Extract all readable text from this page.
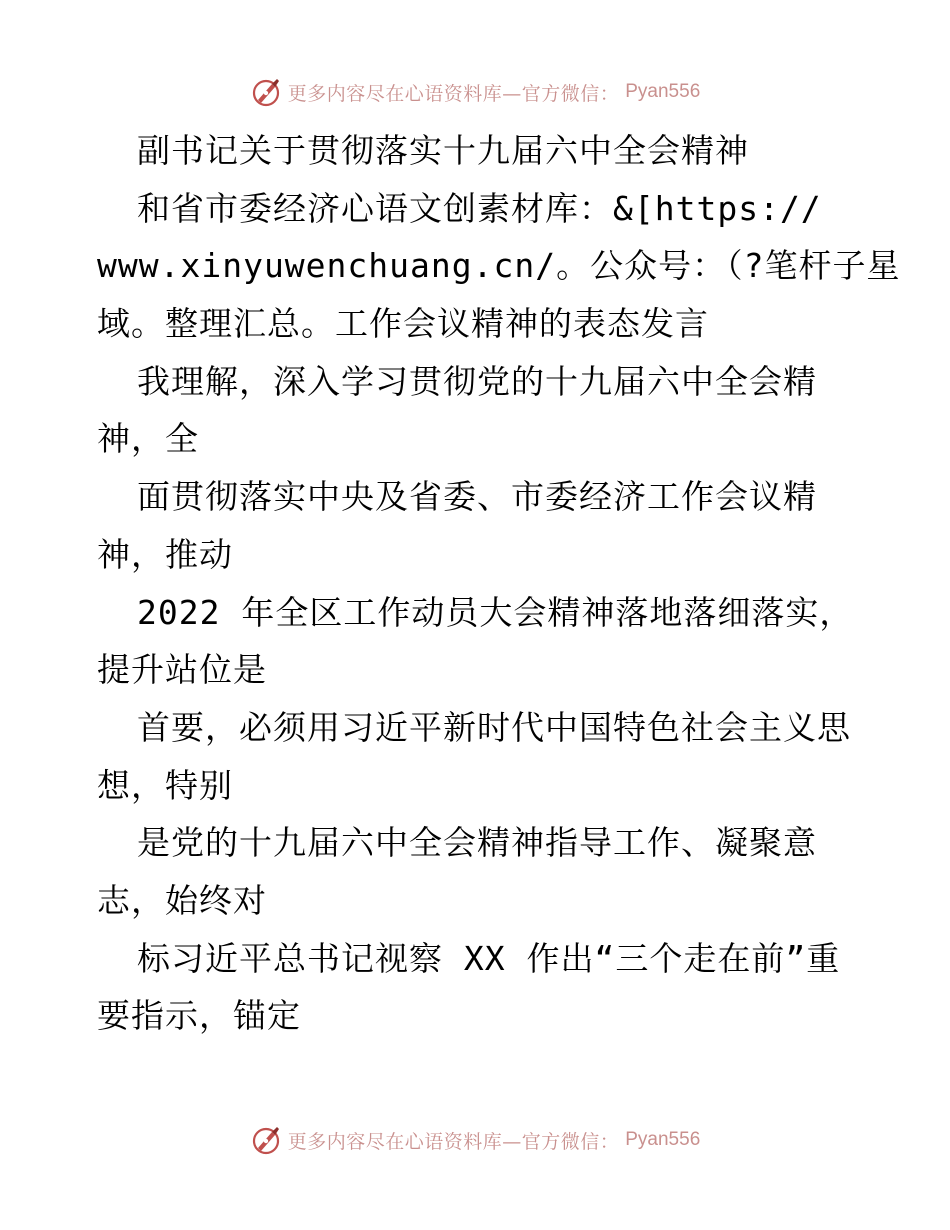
更多内容尽在心语资料库—官方微信： Pyan556
副书记关于贯彻落实十九届六中全会精神
和省市委经济心语文创素材库：&[https://
www.xinyuwenchuang.cn/。公众号：（?笔杆子星
域。整理汇总。工作会议精神的表态发言
我理解，深入学习贯彻党的十九届六中全会精
神，全
面贯彻落实中央及省委、市委经济工作会议精
神，推动
2022 年全区工作动员大会精神落地落细落实，
提升站位是
首要，必须用习近平新时代中国特色社会主义思
想，特别
是党的十九届六中全会精神指导工作、凝聚意
志，始终对
标习近平总书记视察 XX 作出“三个走在前”重
要指示，锚定
更多内容尽在心语资料库—官方微信： Pyan556
